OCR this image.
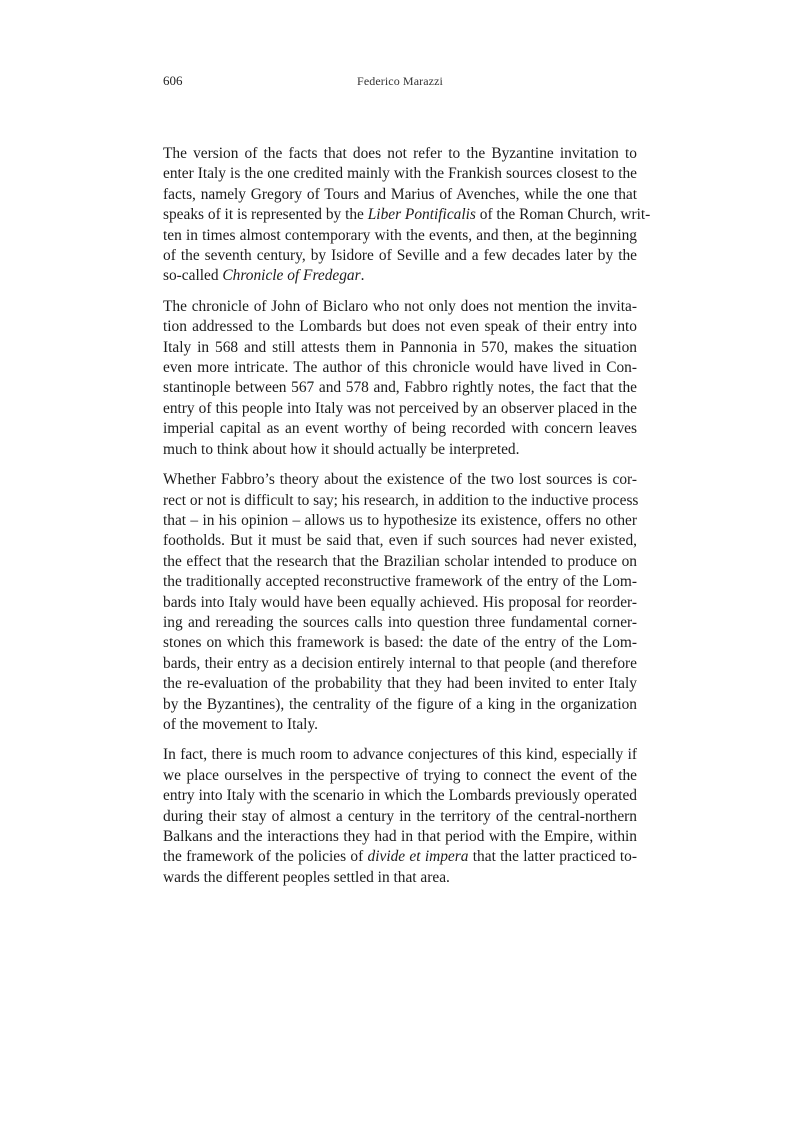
606	Federico Marazzi

The version of the facts that does not refer to the Byzantine invitation to
enter Italy is the one credited mainly with the Frankish sources closest to the
facts, namely Gregory of Tours and Marius of Avenches, while the one that
speaks of it is represented by the Liber Pontificalis of the Roman Church, writ-
ten in times almost contemporary with the events, and then, at the beginning
of the seventh century, by Isidore of Seville and a few decades later by the
so-called Chronicle of Fredegar.

The chronicle of John of Biclaro who not only does not mention the invita-
tion addressed to the Lombards but does not even speak of their entry into
Italy in 568 and still attests them in Pannonia in 570, makes the situation
even more intricate. The author of this chronicle would have lived in Con-
stantinople between 567 and 578 and, Fabbro rightly notes, the fact that the
entry of this people into Italy was not perceived by an observer placed in the
imperial capital as an event worthy of being recorded with concern leaves
much to think about how it should actually be interpreted.

Whether Fabbro’s theory about the existence of the two lost sources is cor-
rect or not is difficult to say; his research, in addition to the inductive process
that – in his opinion – allows us to hypothesize its existence, offers no other
footholds. But it must be said that, even if such sources had never existed,
the effect that the research that the Brazilian scholar intended to produce on
the traditionally accepted reconstructive framework of the entry of the Lom-
bards into Italy would have been equally achieved. His proposal for reorder-
ing and rereading the sources calls into question three fundamental corner-
stones on which this framework is based: the date of the entry of the Lom-
bards, their entry as a decision entirely internal to that people (and therefore
the re-evaluation of the probability that they had been invited to enter Italy
by the Byzantines), the centrality of the figure of a king in the organization
of the movement to Italy.

In fact, there is much room to advance conjectures of this kind, especially if
we place ourselves in the perspective of trying to connect the event of the
entry into Italy with the scenario in which the Lombards previously operated
during their stay of almost a century in the territory of the central-northern
Balkans and the interactions they had in that period with the Empire, within
the framework of the policies of divide et impera that the latter practiced to-
wards the different peoples settled in that area.
